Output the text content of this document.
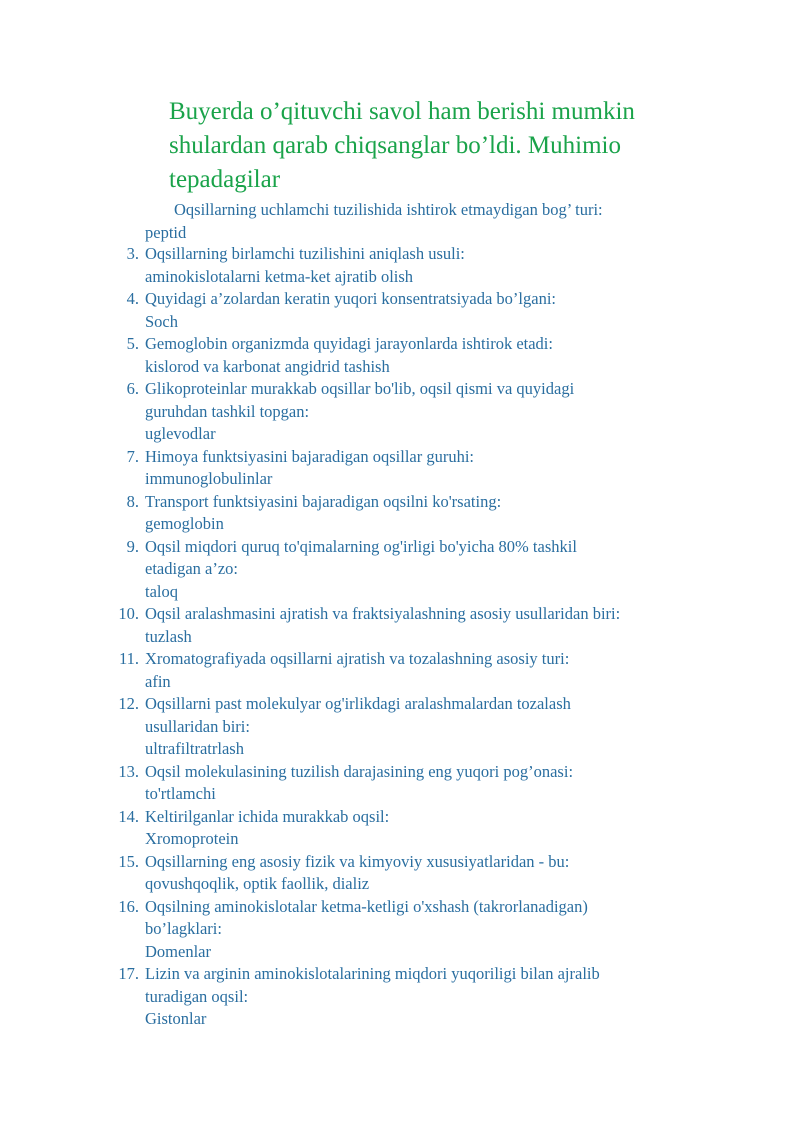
Buyerda o’qituvchi savol ham berishi mumkin
shulardan qarab chiqsanglar bo’ldi. Muhimio
tepadagilar
Oqsillarning uchlamchi tuzilishida ishtirok etmaydigan bog’ turi:
peptid
3. Oqsillarning birlamchi tuzilishini aniqlash usuli:
aminokislotalarni ketma-ket ajratib olish
4. Quyidagi a’zolardan keratin yuqori konsentratsiyada bo’lgani:
Soch
5. Gemoglobin organizmda quyidagi jarayonlarda ishtirok etadi:
kislorod va karbonat angidrid tashish
6. Glikoproteinlar murakkab oqsillar bo'lib, oqsil qismi va quyidagi
guruhdan tashkil topgan:
uglevodlar
7. Himoya funktsiyasini bajaradigan oqsillar guruhi:
immunoglobulinlar
8. Transport funktsiyasini bajaradigan oqsilni ko'rsating:
gemoglobin
9. Oqsil miqdori quruq to'qimalarning og'irligi bo'yicha 80% tashkil
etadigan a’zo:
taloq
10. Oqsil aralashmasini ajratish va fraktsiyalashning asosiy usullaridan biri:
tuzlash
11. Xromatografiyada oqsillarni ajratish va tozalashning asosiy turi:
afin
12. Oqsillarni past molekulyar og'irlikdagi aralashmalardan tozalash
usullaridan biri:
ultrafiltratrlash
13. Oqsil molekulasining tuzilish darajasining eng yuqori pog’onasi:
to'rtlamchi
14. Keltirilganlar ichida murakkab oqsil:
Xromoprotein
15. Oqsillarning eng asosiy fizik va kimyoviy xususiyatlaridan - bu:
qovushqoqlik, optik faollik, dializ
16. Oqsilning aminokislotalar ketma-ketligi o'xshash (takrorlanadigan)
bo’lagklari:
Domenlar
17. Lizin va arginin aminokislotalarining miqdori yuqoriligi bilan ajralib
turadigan oqsil:
Gistonlar
